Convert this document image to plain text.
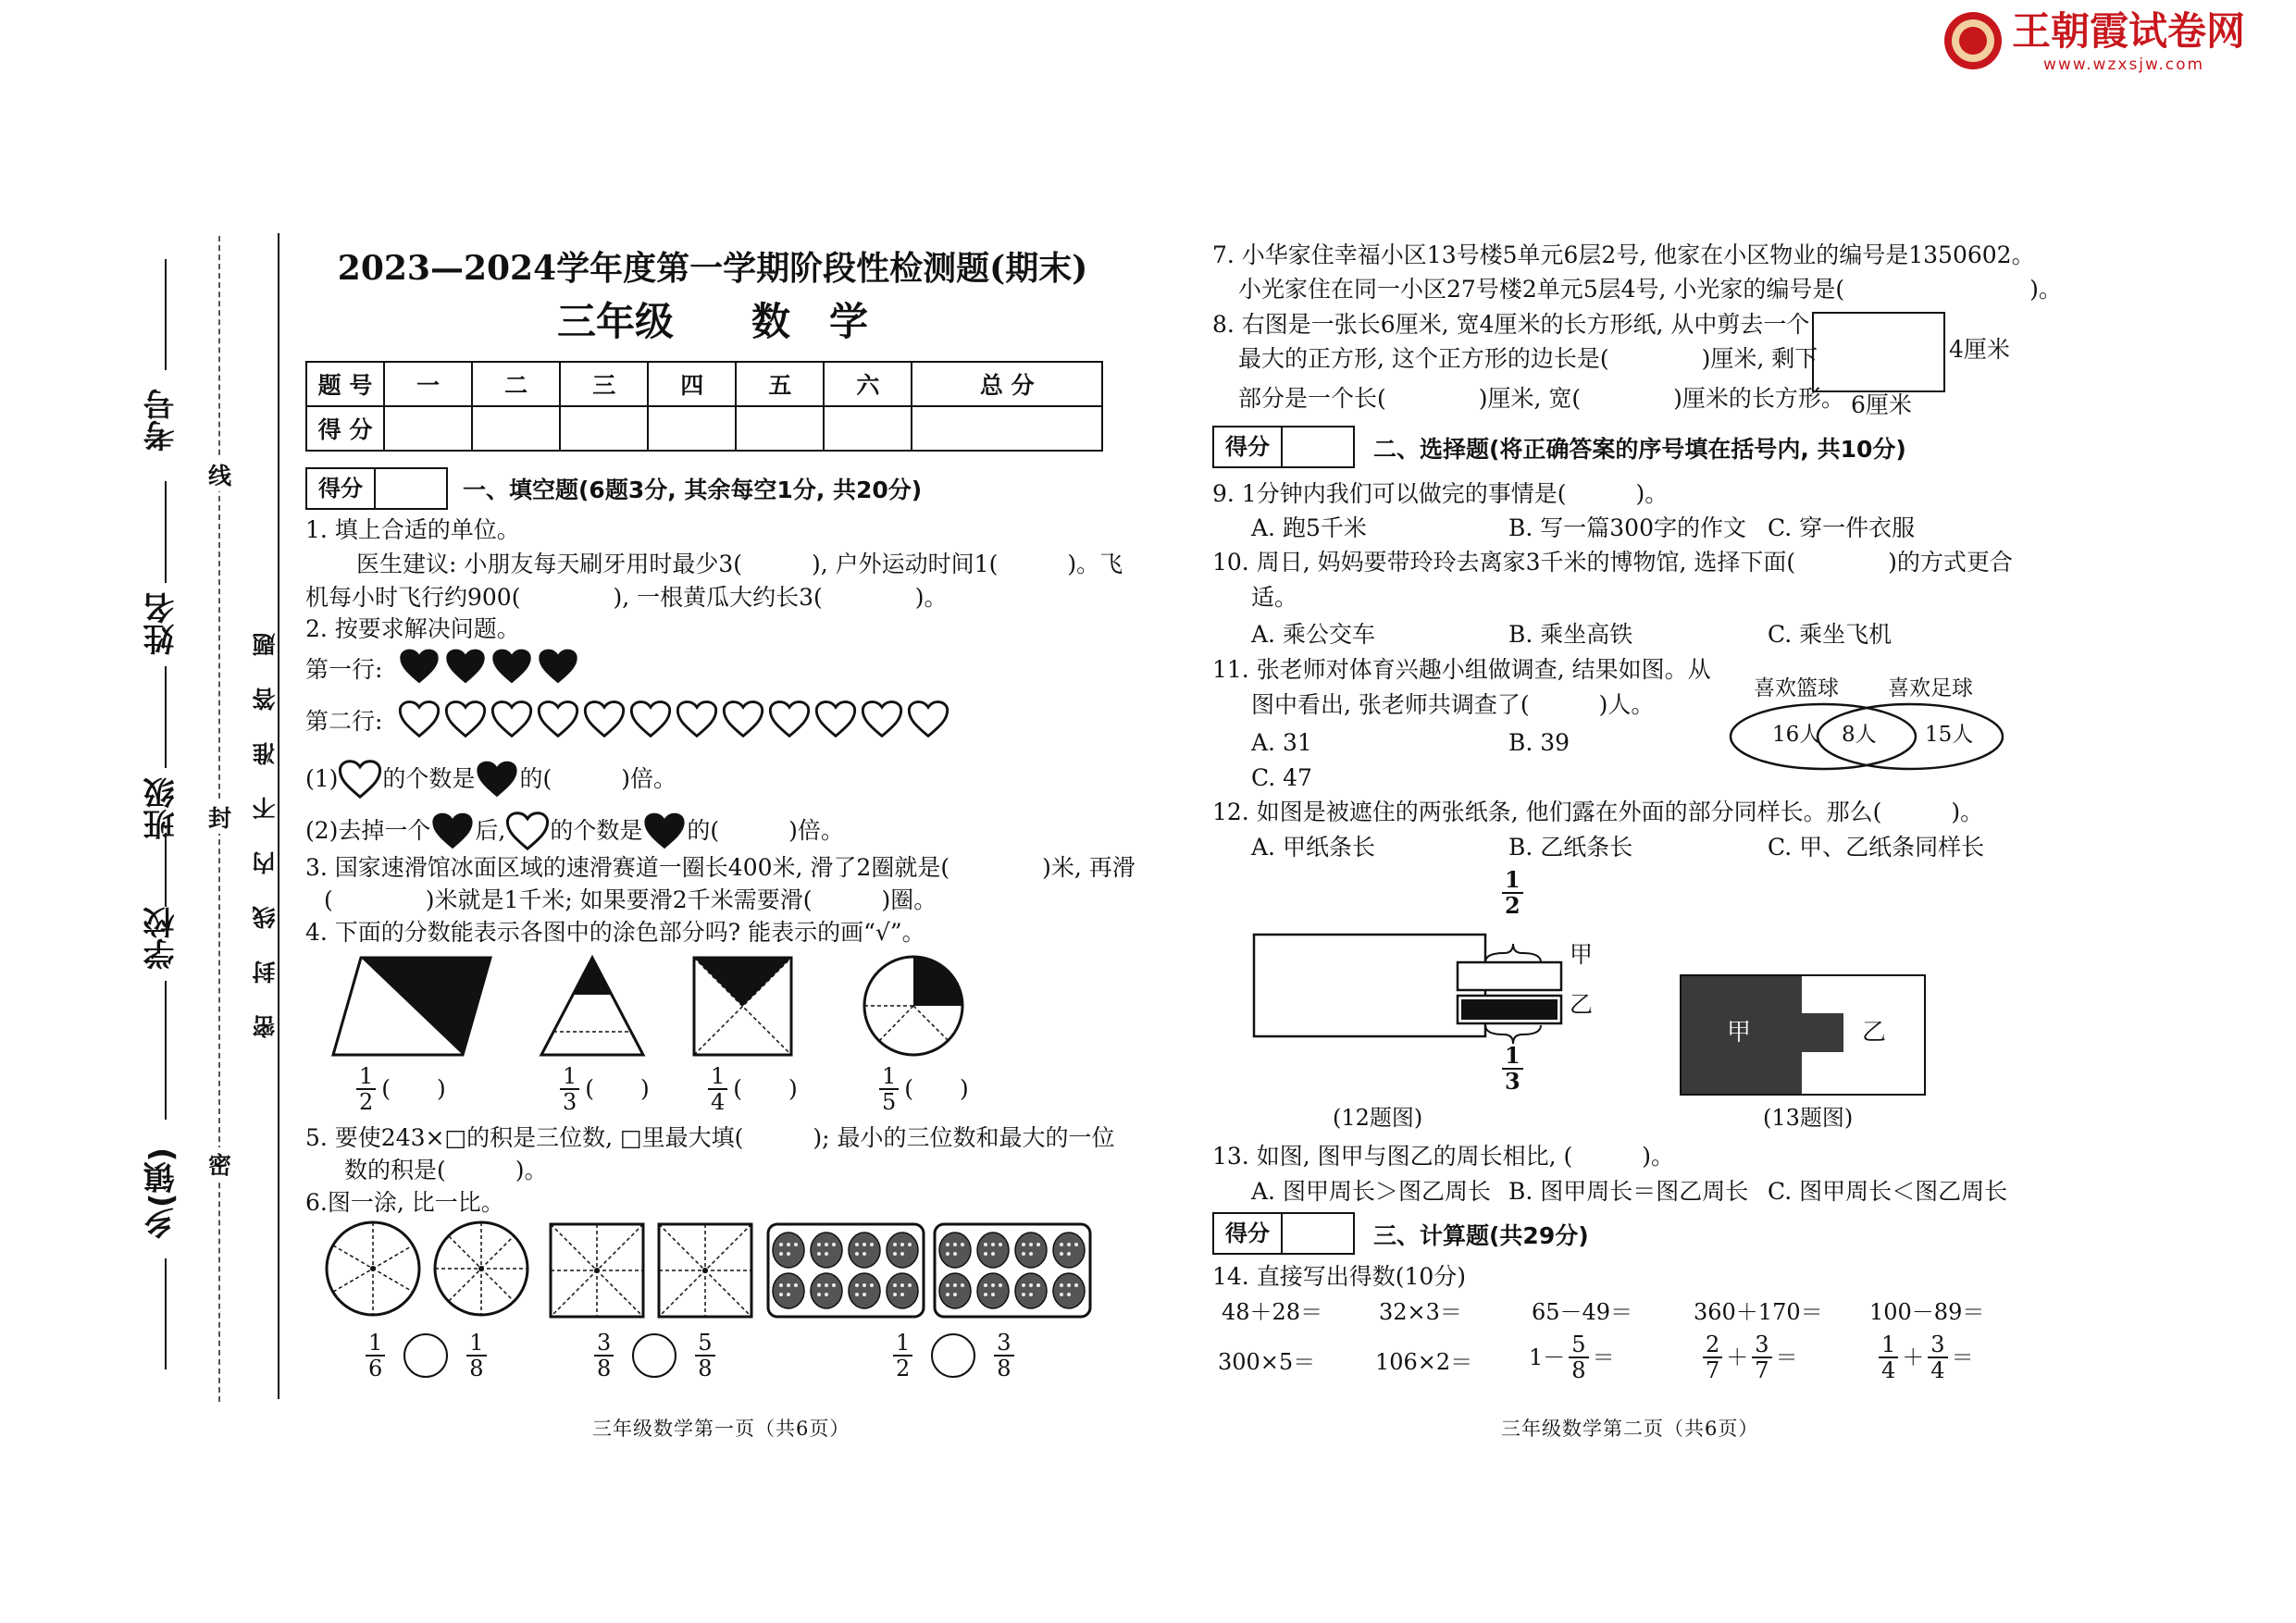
王朝霞试卷网
www.wzxsjw.com
考号
姓名
班级
学校
乡(镇)
线
封
密
密封线内不准答题
2023—2024学年度第一学期阶段性检测题(期末)
三年级　　数　学
题 号	一	二	三	四	五	六	总 分
得 分							
得分	一、填空题(6题3分, 其余每空1分, 共20分)
1. 填上合适的单位。
医生建议: 小朋友每天刷牙用时最少3(　　　), 户外运动时间1(　　　)。飞
机每小时飞行约900(　　　　), 一根黄瓜大约长3(　　　　)。
2. 按要求解决问题。
第一行:
第二行:
(1) 的个数是 的(　　　)倍。
(2)去掉一个 后, 的个数是 的(　　　)倍。
3. 国家速滑馆冰面区域的速滑赛道一圈长400米, 滑了2圈就是(　　　　)米, 再滑
(　　　　)米就是1千米; 如果要滑2千米需要滑(　　　)圈。
4. 下面的分数能表示各图中的涂色部分吗? 能表示的画“√”。
$\frac{1}{2}$ (　　)	$\frac{1}{3}$ (　　)	$\frac{1}{4}$ (　　)	$\frac{1}{5}$ (　　)
5. 要使243×□的积是三位数, □里最大填(　　　); 最小的三位数和最大的一位
数的积是(　　　)。
6.图一涂, 比一比。
$\frac{1}{6}$	$\frac{1}{8}$	$\frac{3}{8}$	$\frac{5}{8}$	$\frac{1}{2}$	$\frac{3}{8}$
三年级数学第一页（共6页）
7. 小华家住幸福小区13号楼5单元6层2号, 他家在小区物业的编号是1350602。
小光家住在同一小区27号楼2单元5层4号, 小光家的编号是(　　　　　　　　)。
8. 右图是一张长6厘米, 宽4厘米的长方形纸, 从中剪去一个
最大的正方形, 这个正方形的边长是(　　　　)厘米, 剩下
部分是一个长(　　　　)厘米, 宽(　　　　)厘米的长方形。
4厘米
6厘米
得分	二、选择题(将正确答案的序号填在括号内, 共10分)
9. 1分钟内我们可以做完的事情是(　　　)。
A. 跑5千米	B. 写一篇300字的作文 C. 穿一件衣服
10. 周日, 妈妈要带玲玲去离家3千米的博物馆, 选择下面(　　　　)的方式更合
适。
A. 乘公交车	B. 乘坐高铁	C. 乘坐飞机
11. 张老师对体育兴趣小组做调查, 结果如图。从
图中看出, 张老师共调查了(　　　)人。
A. 31	B. 39
C. 47
喜欢篮球 喜欢足球
16人 8人 15人
12. 如图是被遮住的两张纸条, 他们露在外面的部分同样长。那么(　　　)。
A. 甲纸条长	B. 乙纸条长	C. 甲、乙纸条同样长
$\frac{1}{2}$
$\frac{1}{3}$
甲
乙
(12题图)
甲	乙
(13题图)
13. 如图, 图甲与图乙的周长相比, (　　　)。
A. 图甲周长＞图乙周长 B. 图甲周长＝图乙周长 C. 图甲周长＜图乙周长
得分	三、计算题(共29分)
14. 直接写出得数(10分)
48＋28＝	32×3＝	65－49＝	360＋170＝ 100－89＝
300×5＝	106×2＝	$1- \frac{5}{8}$ ＝	$\frac{2}{7} + \frac{3}{7}$ ＝	$\frac{1}{4} + \frac{3}{4}$ ＝
三年级数学第二页（共6页）
